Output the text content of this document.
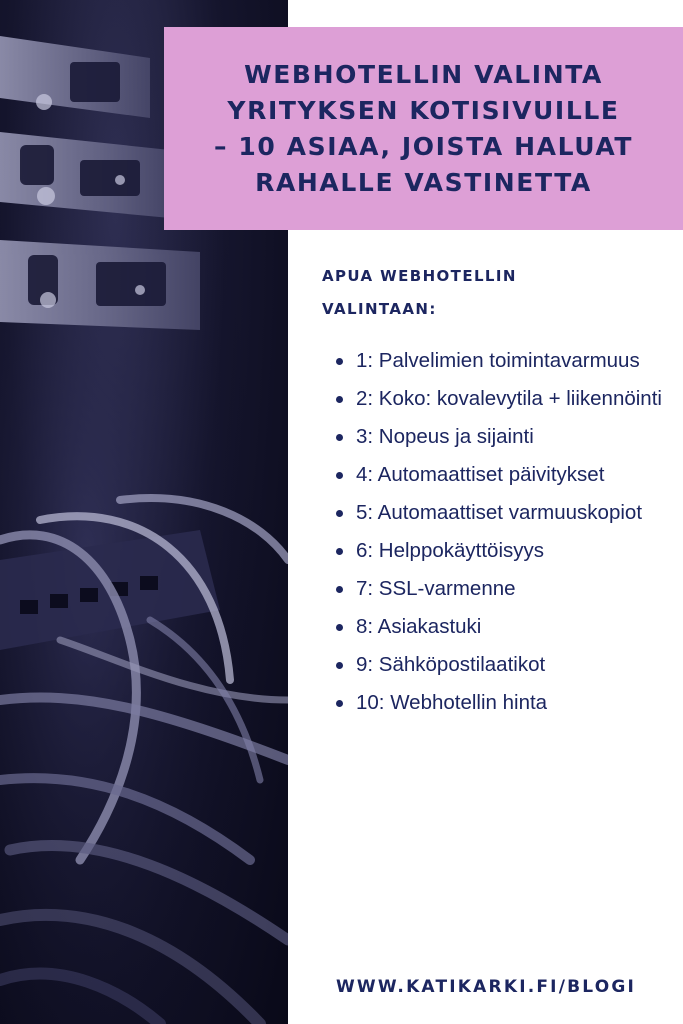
WEBHOTELLIN VALINTA
YRITYKSEN KOTISIVUILLE
– 10 ASIAA, JOISTA HALUAT
RAHALLE VASTINETTA
APUA WEBHOTELLIN
VALINTAAN:
1: Palvelimien toimintavarmuus
2: Koko: kovalevytila + liikennöinti
3: Nopeus ja sijainti
4: Automaattiset päivitykset
5: Automaattiset varmuuskopiot
6: Helppokäyttöisyys
7: SSL-varmenne
8: Asiakastuki
9: Sähköpostilaatikot
10: Webhotellin hinta
WWW.KATIKARKI.FI/BLOGI
